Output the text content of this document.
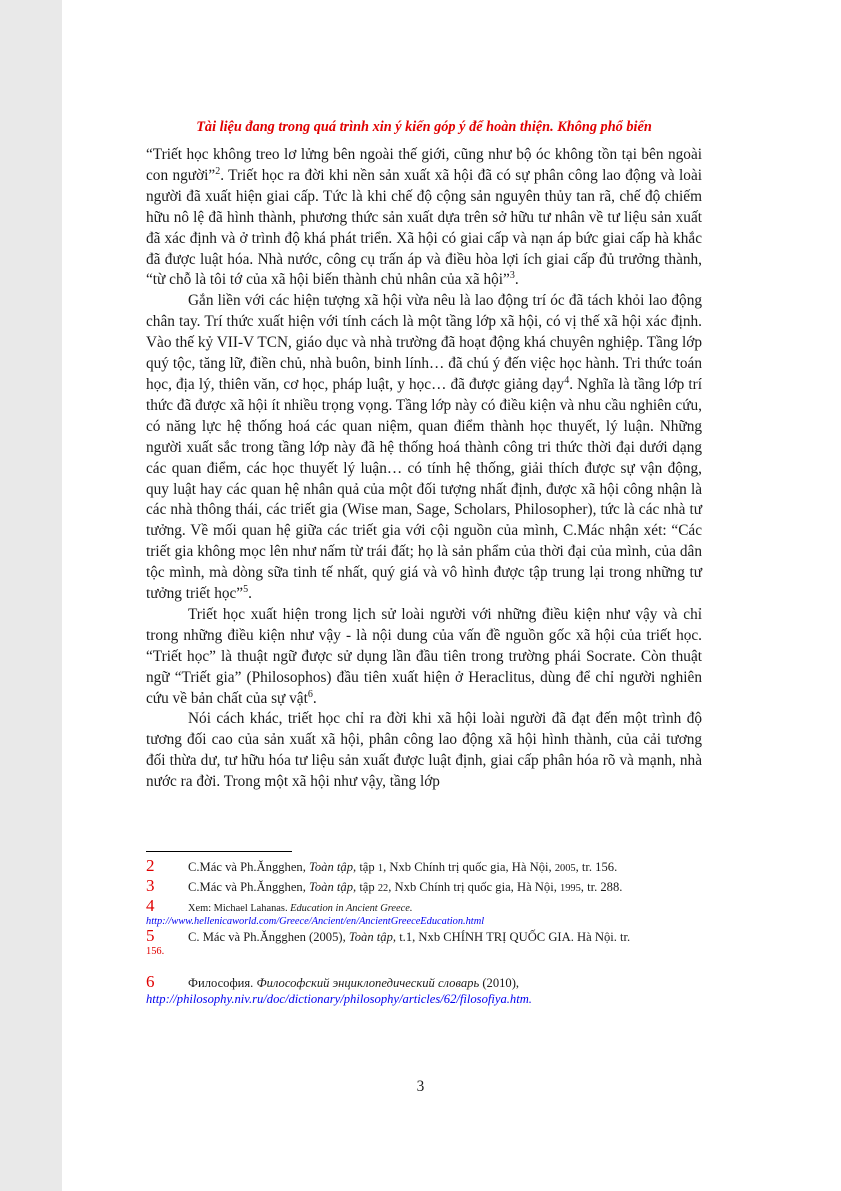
Tài liệu đang trong quá trình xin ý kiến góp ý để hoàn thiện. Không phổ biến

“Triết học không treo lơ lửng bên ngoài thế giới, cũng như bộ óc không tồn tại bên ngoài con người”$^2$. Triết học ra đời khi nền sản xuất xã hội đã có sự phân công lao động và loài người đã xuất hiện giai cấp. Tức là khi chế độ cộng sản nguyên thủy tan rã, chế độ chiếm hữu nô lệ đã hình thành, phương thức sản xuất dựa trên sở hữu tư nhân về tư liệu sản xuất đã xác định và ở trình độ khá phát triển. Xã hội có giai cấp và nạn áp bức giai cấp hà khắc đã được luật hóa. Nhà nước, công cụ trấn áp và điều hòa lợi ích giai cấp đủ trưởng thành, “từ chỗ là tôi tớ của xã hội biến thành chủ nhân của xã hội”$^3$.

Gắn liền với các hiện tượng xã hội vừa nêu là lao động trí óc đã tách khỏi lao động chân tay. Trí thức xuất hiện với tính cách là một tầng lớp xã hội, có vị thế xã hội xác định. Vào thế kỷ VII-V TCN, giáo dục và nhà trường đã hoạt động khá chuyên nghiệp. Tầng lớp quý tộc, tăng lữ, điền chủ, nhà buôn, binh lính… đã chú ý đến việc học hành. Tri thức toán học, địa lý, thiên văn, cơ học, pháp luật, y học… đã được giảng dạy$^4$. Nghĩa là tầng lớp trí thức đã được xã hội ít nhiều trọng vọng. Tầng lớp này có điều kiện và nhu cầu nghiên cứu, có năng lực hệ thống hoá các quan niệm, quan điểm thành học thuyết, lý luận. Những người xuất sắc trong tầng lớp này đã hệ thống hoá thành công tri thức thời đại dưới dạng các quan điểm, các học thuyết lý luận… có tính hệ thống, giải thích được sự vận động, quy luật hay các quan hệ nhân quả của một đối tượng nhất định, được xã hội công nhận là các nhà thông thái, các triết gia (Wise man, Sage, Scholars, Philosopher), tức là các nhà tư tưởng. Về mối quan hệ giữa các triết gia với cội nguồn của mình, C.Mác nhận xét: “Các triết gia không mọc lên như nấm từ trái đất; họ là sản phẩm của thời đại của mình, của dân tộc mình, mà dòng sữa tinh tế nhất, quý giá và vô hình được tập trung lại trong những tư tưởng triết học”$^5$.

Triết học xuất hiện trong lịch sử loài người với những điều kiện như vậy và chỉ trong những điều kiện như vậy - là nội dung của vấn đề nguồn gốc xã hội của triết học. “Triết học” là thuật ngữ được sử dụng lần đầu tiên trong trường phái Socrate. Còn thuật ngữ “Triết gia” (Philosophos) đầu tiên xuất hiện ở Heraclitus, dùng để chỉ người nghiên cứu về bản chất của sự vật$^6$.

Nói cách khác, triết học chỉ ra đời khi xã hội loài người đã đạt đến một trình độ tương đối cao của sản xuất xã hội, phân công lao động xã hội hình thành, của cải tương đối thừa dư, tư hữu hóa tư liệu sản xuất được luật định, giai cấp phân hóa rõ và mạnh, nhà nước ra đời. Trong một xã hội như vậy, tầng lớp

2	C.Mác và Ph.Ăngghen, Toàn tập, tập 1, Nxb Chính trị quốc gia, Hà Nội, 2005, tr. 156.
3	C.Mác và Ph.Ăngghen, Toàn tập, tập 22, Nxb Chính trị quốc gia, Hà Nội, 1995, tr. 288.
4	Xem: Michael Lahanas. Education in Ancient Greece.
http://www.hellenicaworld.com/Greece/Ancient/en/AncientGreeceEducation.html
5	C. Mác và Ph.Ăngghen (2005), Toàn tập, t.1, Nxb CHÍNH TRỊ QUỐC GIA. Hà Nội. tr.
156.
6	Философия. Философский энциклопедический словарь (2010),
http://philosophy.niv.ru/doc/dictionary/philosophy/articles/62/filosofiya.htm.
3
